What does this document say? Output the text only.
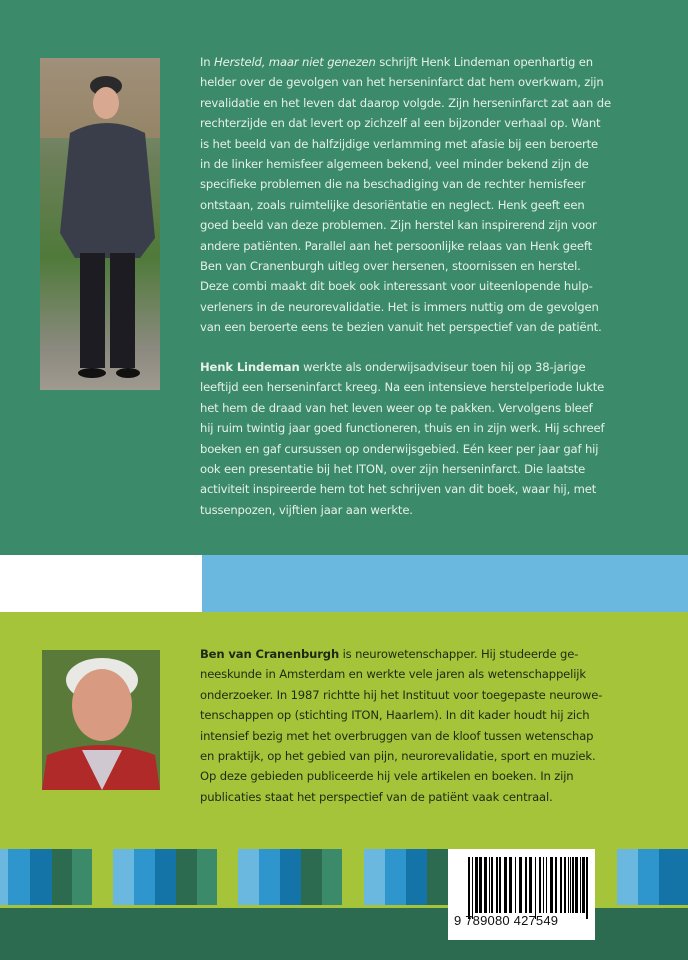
In Hersteld, maar niet genezen schrijft Henk Lindeman openhartig en
helder over de gevolgen van het herseninfarct dat hem overkwam, zijn
revalidatie en het leven dat daarop volgde. Zijn herseninfarct zat aan de
rechterzijde en dat levert op zichzelf al een bijzonder verhaal op. Want
is het beeld van de halfzijdige verlamming met afasie bij een beroerte
in de linker hemisfeer algemeen bekend, veel minder bekend zijn de
specifieke problemen die na beschadiging van de rechter hemisfeer
ontstaan, zoals ruimtelijke desoriëntatie en neglect. Henk geeft een
goed beeld van deze problemen. Zijn herstel kan inspirerend zijn voor
andere patiënten. Parallel aan het persoonlijke relaas van Henk geeft
Ben van Cranenburgh uitleg over hersenen, stoornissen en herstel.
Deze combi maakt dit boek ook interessant voor uiteenlopende hulp-
verleners in de neurorevalidatie. Het is immers nuttig om de gevolgen
van een beroerte eens te bezien vanuit het perspectief van de patiënt.
Henk Lindeman werkte als onderwijsadviseur toen hij op 38-jarige
leeftijd een herseninfarct kreeg. Na een intensieve herstelperiode lukte
het hem de draad van het leven weer op te pakken. Vervolgens bleef
hij ruim twintig jaar goed functioneren, thuis en in zijn werk. Hij schreef
boeken en gaf cursussen op onderwijsgebied. Eén keer per jaar gaf hij
ook een presentatie bij het ITON, over zijn herseninfarct. Die laatste
activiteit inspireerde hem tot het schrijven van dit boek, waar hij, met
tussenpozen, vijftien jaar aan werkte.
Ben van Cranenburgh is neurowetenschapper. Hij studeerde ge-
neeskunde in Amsterdam en werkte vele jaren als wetenschappelijk
onderzoeker. In 1987 richtte hij het Instituut voor toegepaste neurowe-
tenschappen op (stichting ITON, Haarlem). In dit kader houdt hij zich
intensief bezig met het overbruggen van de kloof tussen wetenschap
en praktijk, op het gebied van pijn, neurorevalidatie, sport en muziek.
Op deze gebieden publiceerde hij vele artikelen en boeken. In zijn
publicaties staat het perspectief van de patiënt vaak centraal.
9 789080 427549
